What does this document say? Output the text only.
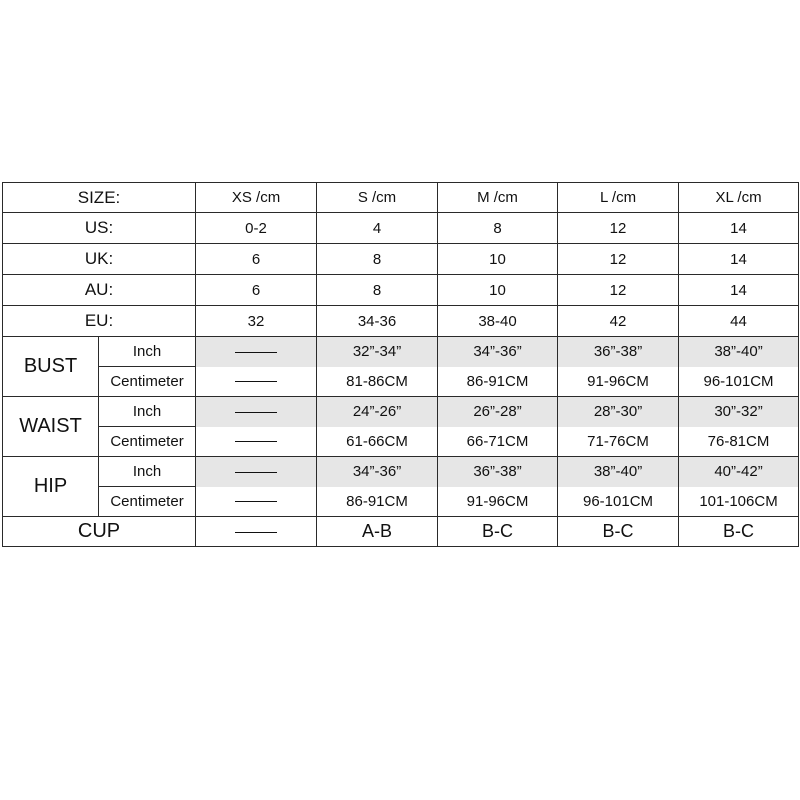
SIZE:		XS /cm	S /cm	M /cm	L /cm	XL /cm
US:		0-2	4	8	12	14
UK:		6	8	10	12	14
AU:		6	8	10	12	14
EU:		32	34-36	38-40	42	44
BUST	Inch		32”-34”	34”-36”	36”-38”	38”-40”
	Centimeter		81-86CM	86-91CM	91-96CM	96-101CM
WAIST	Inch		24”-26”	26”-28”	28”-30”	30”-32”
	Centimeter		61-66CM	66-71CM	71-76CM	76-81CM
HIP	Inch		34”-36”	36”-38”	38”-40”	40”-42”
	Centimeter		86-91CM	91-96CM	96-101CM	101-106CM
CUP			A-B	B-C	B-C	B-C
